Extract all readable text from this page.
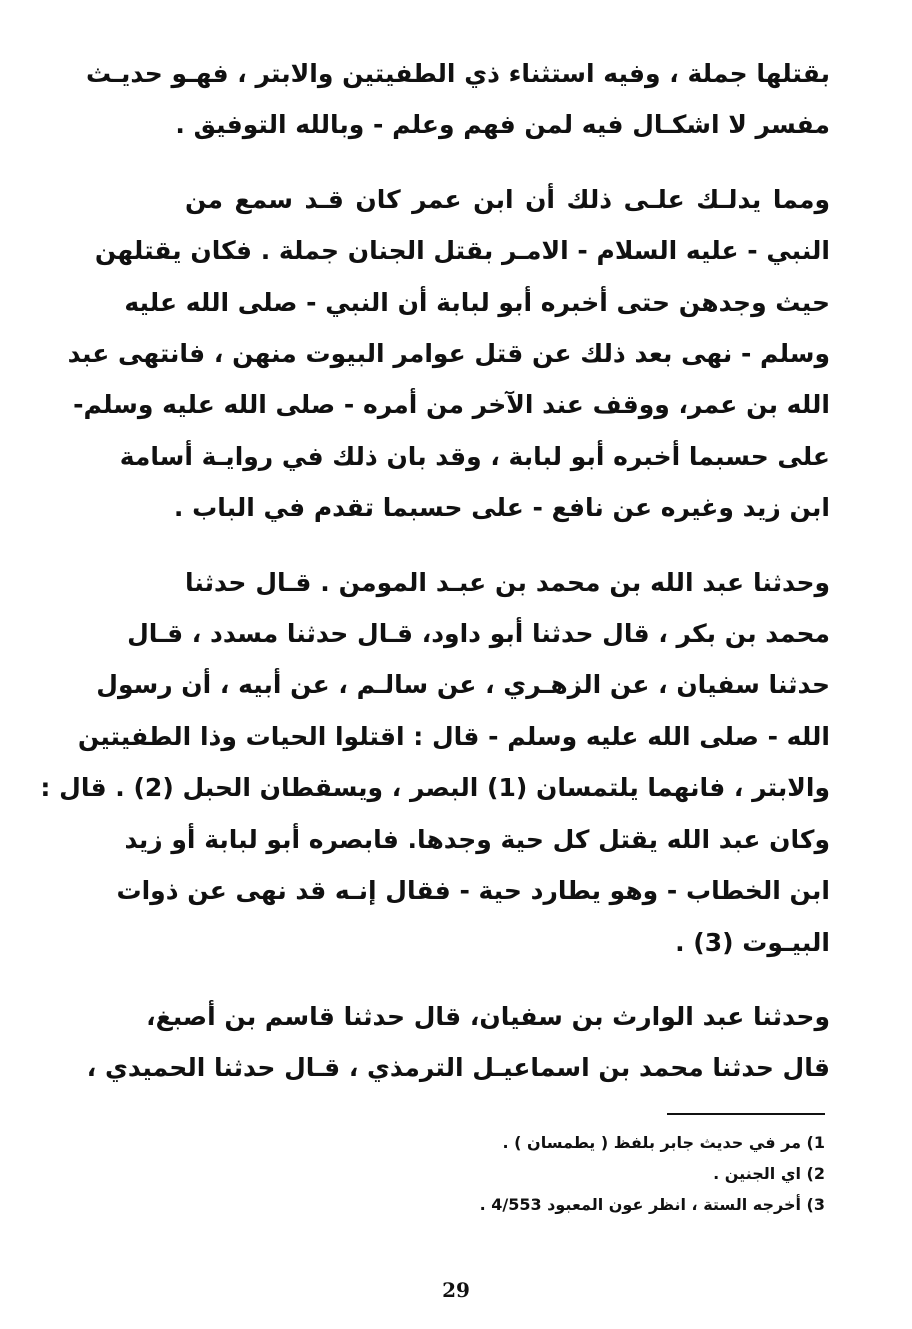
بقتلها جملة ، وفيه استثناء ذي الطفيتين والابتر ، فهـو حديـث
مفسر لا اشكـال فيه لمن فهم وعلم - وبالله التوفيق .

ومما يدلـك علـى ذلك أن ابن عمر كان قـد سمع من
النبي - عليه السلام - الامـر بقتل الجنان جملة . فكان يقتلهن
حيث وجدهن حتى أخبره أبو لبابة أن النبي - صلى الله عليه
وسلم - نهى بعد ذلك عن قتل عوامر البيوت منهن ، فانتهى عبد
الله بن عمر، ووقف عند الآخر من أمره - صلى الله عليه وسلم-
على حسبما أخبره أبو لبابة ، وقد بان ذلك في روايـة أسامة
ابن زيد وغيره عن نافع - على حسبما تقدم في الباب .

وحدثنا عبد الله بن محمد بن عبـد المومن . قـال حدثنا
محمد بن بكر ، قال حدثنا أبو داود، قـال حدثنا مسدد ، قـال
حدثنا سفيان ، عن الزهـري ، عن سالـم ، عن أبيه ، أن رسول
الله - صلى الله عليه وسلم - قال : اقتلوا الحيات وذا الطفيتين
والابتر ، فانهما يلتمسان (1) البصر ، ويسقطان الحبل (2) . قال :
وكان عبد الله يقتل كل حية وجدها. فابصره أبو لبابة أو زيد
ابن الخطاب - وهو يطارد حية - فقال إنـه قد نهى عن ذوات
البيـوت (3) .

وحدثنا عبد الوارث بن سفيان، قال حدثنا قاسم بن أصبغ،
قال حدثنا محمد بن اسماعيـل الترمذي ، قـال حدثنا الحميدي ،

1) مر في حديث جابر بلفظ ( يطمسان ) .
2) اي الجنين .
3) أخرجه الستة ، انظر عون المعبود 4/553 .
29
